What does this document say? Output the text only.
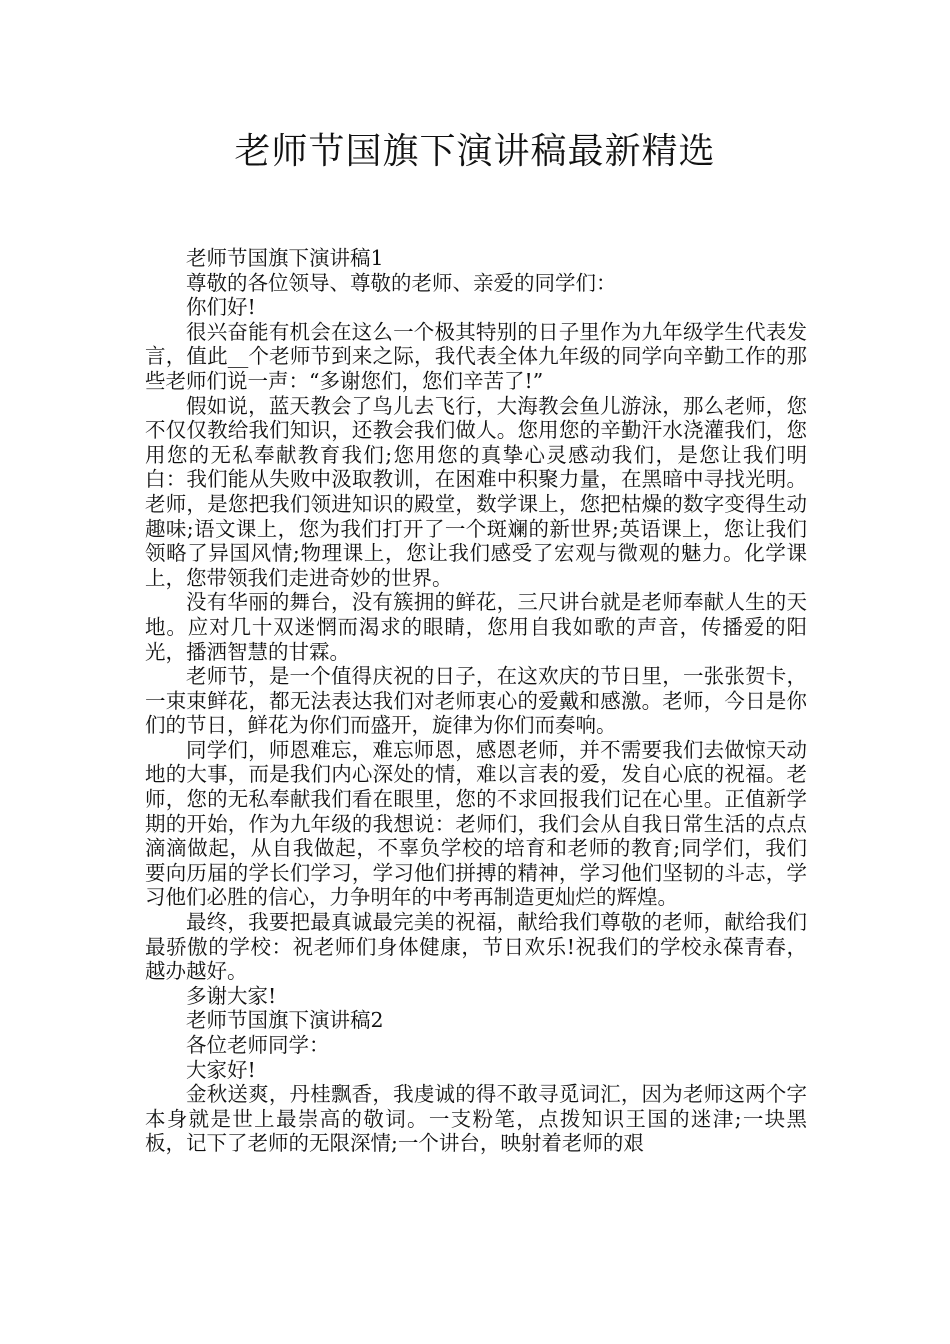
老师节国旗下演讲稿最新精选

老师节国旗下演讲稿1

尊敬的各位领导、尊敬的老师、亲爱的同学们：

你们好!

很兴奋能有机会在这么一个极其特别的日子里作为九年级学生代表发言，值此__个老师节到来之际，我代表全体九年级的同学向辛勤工作的那些老师们说一声：“多谢您们，您们辛苦了!”

假如说，蓝天教会了鸟儿去飞行，大海教会鱼儿游泳，那么老师，您不仅仅教给我们知识，还教会我们做人。您用您的辛勤汗水浇灌我们，您用您的无私奉献教育我们;您用您的真挚心灵感动我们，是您让我们明白：我们能从失败中汲取教训，在困难中积聚力量，在黑暗中寻找光明。老师，是您把我们领进知识的殿堂，数学课上，您把枯燥的数字变得生动趣味;语文课上，您为我们打开了一个斑斓的新世界;英语课上，您让我们领略了异国风情;物理课上，您让我们感受了宏观与微观的魅力。化学课上，您带领我们走进奇妙的世界。

没有华丽的舞台，没有簇拥的鲜花，三尺讲台就是老师奉献人生的天地。应对几十双迷惘而渴求的眼睛，您用自我如歌的声音，传播爱的阳光，播洒智慧的甘霖。

老师节，是一个值得庆祝的日子，在这欢庆的节日里，一张张贺卡，一束束鲜花，都无法表达我们对老师衷心的爱戴和感激。老师，今日是你们的节日，鲜花为你们而盛开，旋律为你们而奏响。

同学们，师恩难忘，难忘师恩，感恩老师，并不需要我们去做惊天动地的大事，而是我们内心深处的情，难以言表的爱，发自心底的祝福。老师，您的无私奉献我们看在眼里，您的不求回报我们记在心里。正值新学期的开始，作为九年级的我想说：老师们，我们会从自我日常生活的点点滴滴做起，从自我做起，不辜负学校的培育和老师的教育;同学们，我们要向历届的学长们学习，学习他们拼搏的精神，学习他们坚韧的斗志，学习他们必胜的信心，力争明年的中考再制造更灿烂的辉煌。

最终，我要把最真诚最完美的祝福，献给我们尊敬的老师，献给我们最骄傲的学校：祝老师们身体健康，节日欢乐!祝我们的学校永葆青春，越办越好。

多谢大家!

老师节国旗下演讲稿2

各位老师同学：

大家好!

金秋送爽，丹桂飘香，我虔诚的得不敢寻觅词汇，因为老师这两个字本身就是世上最崇高的敬词。一支粉笔，点拨知识王国的迷津;一块黑板，记下了老师的无限深情;一个讲台，映射着老师的艰
